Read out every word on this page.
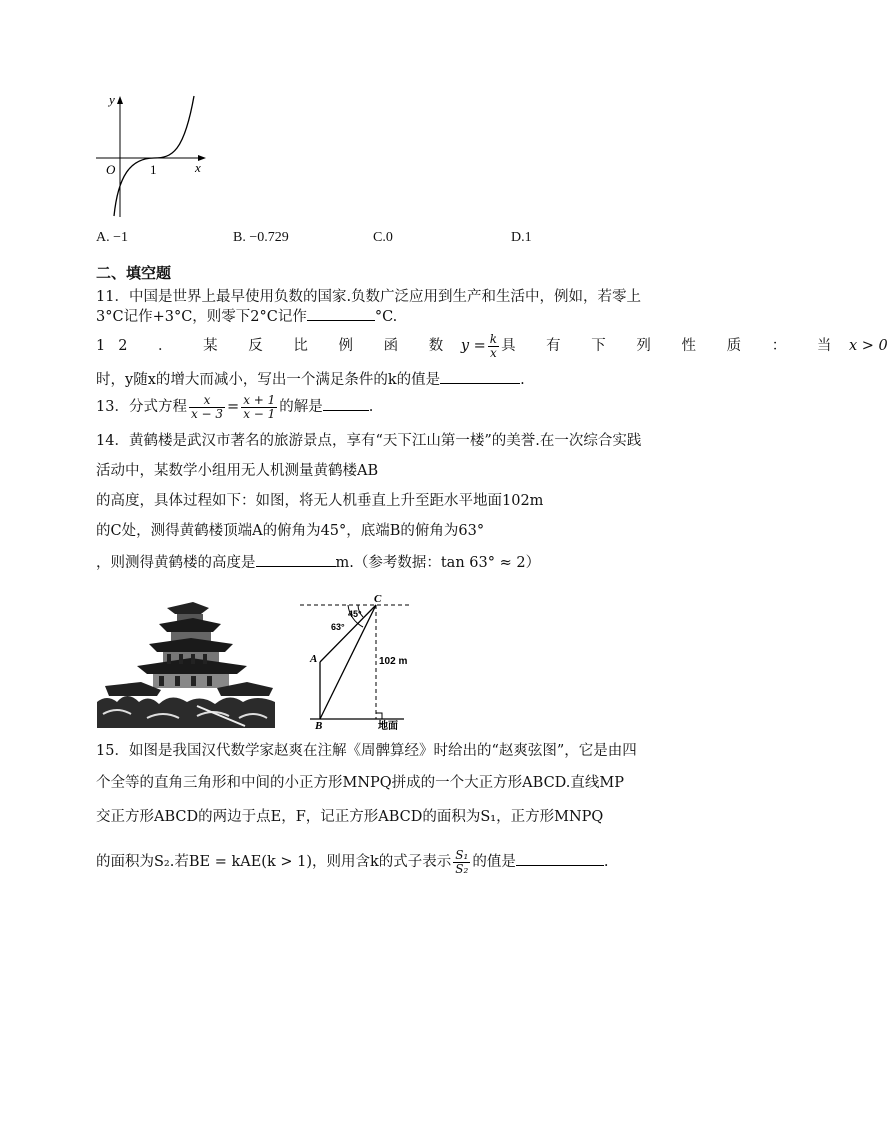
y
x
O	1
A. −1	B. −0.729	C.0	D.1
二、填空题
11．中国是世界上最早使用负数的国家.负数广泛应用到生产和生活中，例如，若零上
3°C记作+3°C，则零下2°C记作	°C.
12 ． 某 反 比 例 函 数 $y = \frac{k}{x}$ 具 有 下 列 性 质 ： 当 x > 0
时，y随x的增大而减小，写出一个满足条件的k的值是	.
13．分式方程 $\frac{x}{x - 3} = \frac{x + 1}{x - 1}$ 的解是	.
14．黄鹤楼是武汉市著名的旅游景点，享有“天下江山第一楼”的美誉.在一次综合实践
活动中，某数学小组用无人机测量黄鹤楼AB
的高度，具体过程如下：如图，将无人机垂直上升至距水平地面102m
的C处，测得黄鹤楼顶端A的俯角为45°，底端B的俯角为63°
，则测得黄鹤楼的高度是	m.（参考数据：tan 63° ≈ 2）
C
A
B
45°
63°
102 m
地面
15．如图是我国汉代数学家赵爽在注解《周髀算经》时给出的“赵爽弦图”，它是由四
个全等的直角三角形和中间的小正方形MNPQ拼成的一个大正方形ABCD.直线MP
交正方形ABCD的两边于点E，F，记正方形ABCD的面积为S₁，正方形MNPQ
的面积为S₂.若BE = kAE(k > 1)，则用含k的式子表示 $\frac{\text{S₁}}{\text{S₂}}$ 的值是	.
